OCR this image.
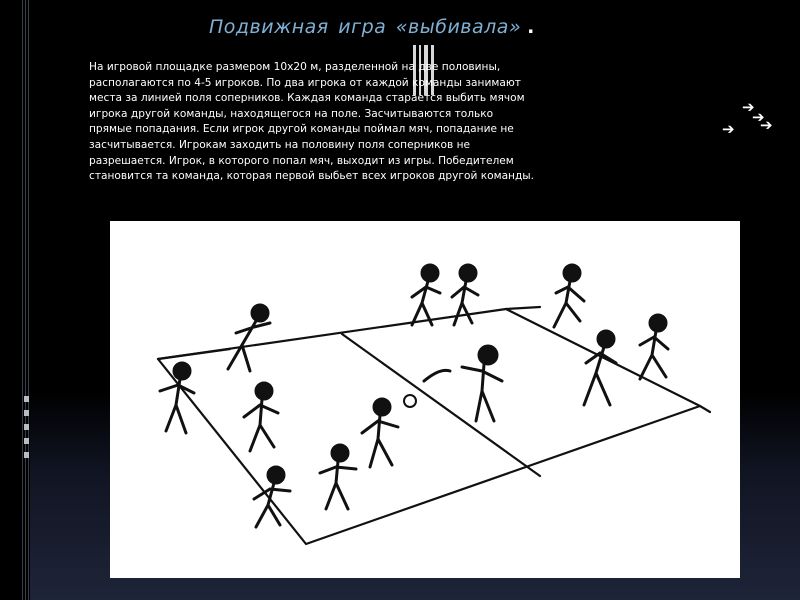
Подвижная игра «выбивала» .
На игровой площадке размером 10х20 м, разделенной на две половины,
располагаются по 4-5 игроков. По два игрока от каждой команды занимают
места за линией поля соперников. Каждая команда старается выбить мячом
игрока другой команды, находящегося на поле. Засчитываются только
прямые попадания. Если игрок другой команды поймал мяч, попадание не
засчитывается. Игрокам заходить на половину поля соперников не
разрешается. Игрок, в которого попал мяч, выходит из игры. Победителем
становится та команда, которая первой выбьет всех игроков другой команды.
➔
➔
➔ ➔
